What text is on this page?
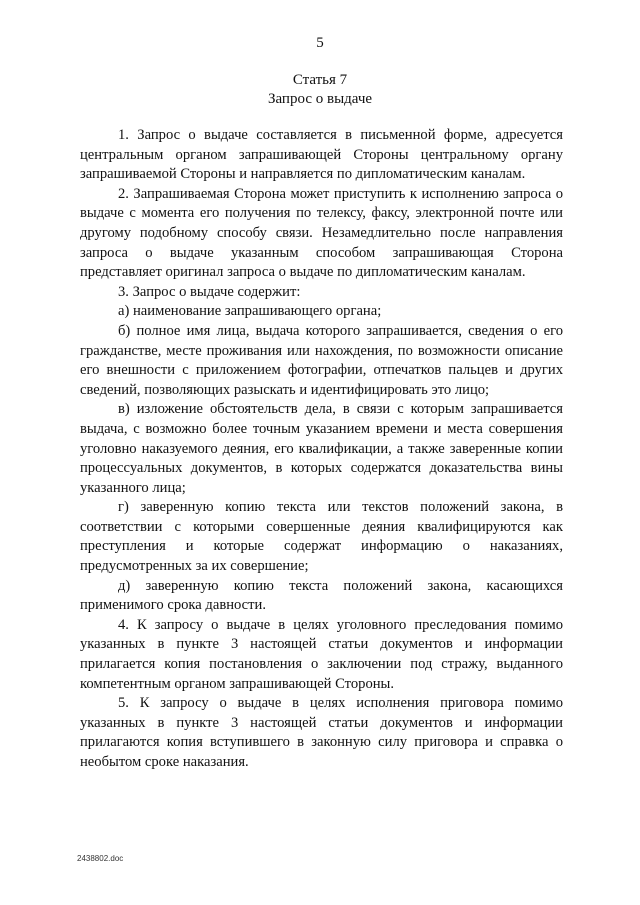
5
Статья 7
Запрос о выдаче

1. Запрос о выдаче составляется в письменной форме, адресуется центральным органом запрашивающей Стороны центральному органу запрашиваемой Стороны и направляется по дипломатическим каналам.

2. Запрашиваемая Сторона может приступить к исполнению запроса о выдаче с момента его получения по телексу, факсу, электронной почте или другому подобному способу связи. Незамедлительно после направления запроса о выдаче указанным способом запрашивающая Сторона представляет оригинал запроса о выдаче по дипломатическим каналам.

3. Запрос о выдаче содержит:

а) наименование запрашивающего органа;

б) полное имя лица, выдача которого запрашивается, сведения о его гражданстве, месте проживания или нахождения, по возможности описание его внешности с приложением фотографии, отпечатков пальцев и других сведений, позволяющих разыскать и идентифицировать это лицо;

в) изложение обстоятельств дела, в связи с которым запрашивается выдача, с возможно более точным указанием времени и места совершения уголовно наказуемого деяния, его квалификации, а также заверенные копии процессуальных документов, в которых содержатся доказательства вины указанного лица;

г) заверенную копию текста или текстов положений закона, в соответствии с которыми совершенные деяния квалифицируются как преступления и которые содержат информацию о наказаниях, предусмотренных за их совершение;

д) заверенную копию текста положений закона, касающихся применимого срока давности.

4. К запросу о выдаче в целях уголовного преследования помимо указанных в пункте 3 настоящей статьи документов и информации прилагается копия постановления о заключении под стражу, выданного компетентным органом запрашивающей Стороны.

5. К запросу о выдаче в целях исполнения приговора помимо указанных в пункте 3 настоящей статьи документов и информации прилагаются копия вступившего в законную силу приговора и справка о необытом сроке наказания.

2438802.doc
